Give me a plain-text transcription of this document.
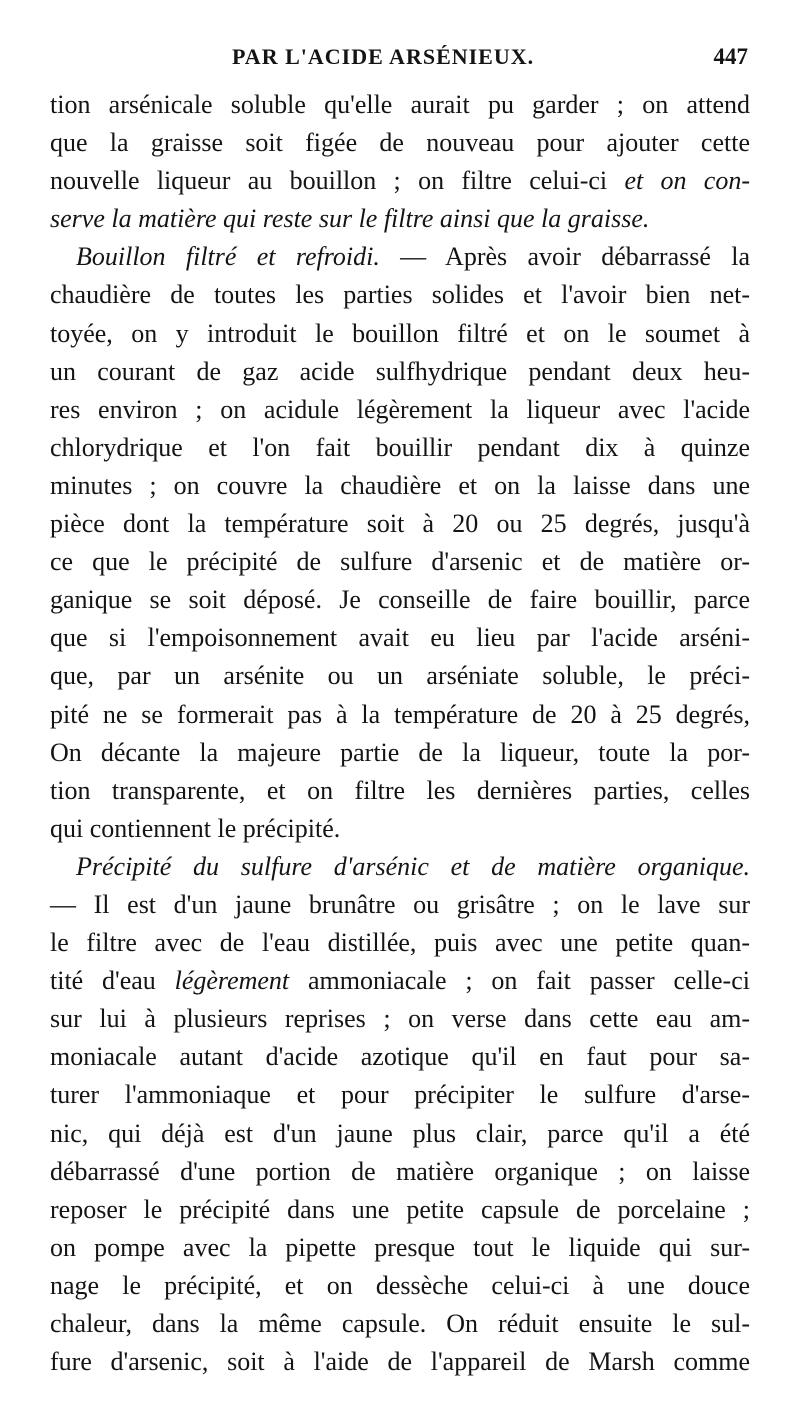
PAR L'ACIDE ARSÉNIEUX.	447
tion arsénicale soluble qu'elle aurait pu garder ; on attend
que la graisse soit figée de nouveau pour ajouter cette
nouvelle liqueur au bouillon ; on filtre celui-ci et on con-
serve la matière qui reste sur le filtre ainsi que la graisse.
Bouillon filtré et refroidi. — Après avoir débarrassé la
chaudière de toutes les parties solides et l'avoir bien net-
toyée, on y introduit le bouillon filtré et on le soumet à
un courant de gaz acide sulfhydrique pendant deux heu-
res environ ; on acidule légèrement la liqueur avec l'acide
chlorydrique et l'on fait bouillir pendant dix à quinze
minutes ; on couvre la chaudière et on la laisse dans une
pièce dont la température soit à 20 ou 25 degrés, jusqu'à
ce que le précipité de sulfure d'arsenic et de matière or-
ganique se soit déposé. Je conseille de faire bouillir, parce
que si l'empoisonnement avait eu lieu par l'acide arséni-
que, par un arsénite ou un arséniate soluble, le préci-
pité ne se formerait pas à la température de 20 à 25 degrés,
On décante la majeure partie de la liqueur, toute la por-
tion transparente, et on filtre les dernières parties, celles
qui contiennent le précipité.
Précipité du sulfure d'arsénic et de matière organique.
— Il est d'un jaune brunâtre ou grisâtre ; on le lave sur
le filtre avec de l'eau distillée, puis avec une petite quan-
tité d'eau légèrement ammoniacale ; on fait passer celle-ci
sur lui à plusieurs reprises ; on verse dans cette eau am-
moniacale autant d'acide azotique qu'il en faut pour sa-
turer l'ammoniaque et pour précipiter le sulfure d'arse-
nic, qui déjà est d'un jaune plus clair, parce qu'il a été
débarrassé d'une portion de matière organique ; on laisse
reposer le précipité dans une petite capsule de porcelaine ;
on pompe avec la pipette presque tout le liquide qui sur-
nage le précipité, et on dessèche celui-ci à une douce
chaleur, dans la même capsule. On réduit ensuite le sul-
fure d'arsenic, soit à l'aide de l'appareil de Marsh comme
